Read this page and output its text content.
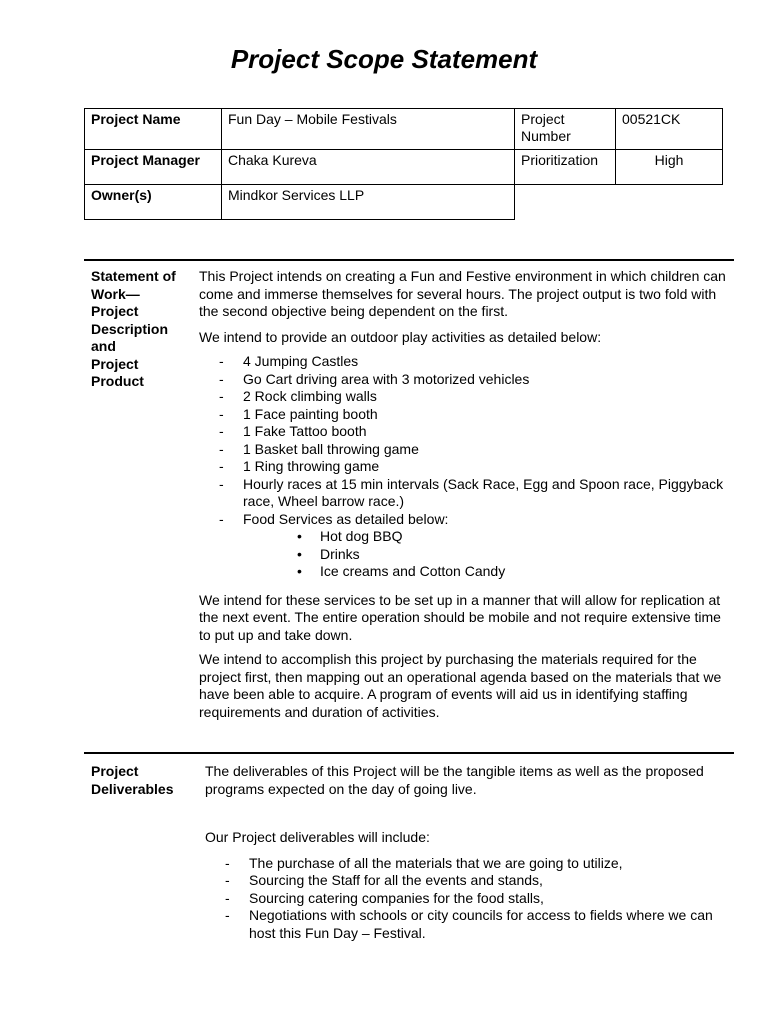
Project Scope Statement
Project Name	Fun Day – Mobile Festivals	Project Number	00521CK
Project Manager	Chaka Kureva	Prioritization	High
Owner(s)	Mindkor Services LLP		
Statement of
Work—
Project
Description
and
Project
Product

This Project intends on creating a Fun and Festive environment in which children can come and immerse themselves for several hours. The project output is two fold with the second objective being dependent on the first.

We intend to provide an outdoor play activities as detailed below:

- 4 Jumping Castles
- Go Cart driving area with 3 motorized vehicles
- 2 Rock climbing walls
- 1 Face painting booth
- 1 Fake Tattoo booth
- 1 Basket ball throwing game
- 1 Ring throwing game
- Hourly races at 15 min intervals (Sack Race, Egg and Spoon race, Piggyback race, Wheel barrow race.)
- Food Services as detailed below:
• Hot dog BBQ
• Drinks
• Ice creams and Cotton Candy

We intend for these services to be set up in a manner that will allow for replication at the next event. The entire operation should be mobile and not require extensive time to put up and take down.

We intend to accomplish this project by purchasing the materials required for the project first, then mapping out an operational agenda based on the materials that we have been able to acquire. A program of events will aid us in identifying staffing requirements and duration of activities.

Project
Deliverables

The deliverables of this Project will be the tangible items as well as the proposed programs expected on the day of going live.

Our Project deliverables will include:

- The purchase of all the materials that we are going to utilize,
- Sourcing the Staff for all the events and stands,
- Sourcing catering companies for the food stalls,
- Negotiations with schools or city councils for access to fields where we can host this Fun Day – Festival.
